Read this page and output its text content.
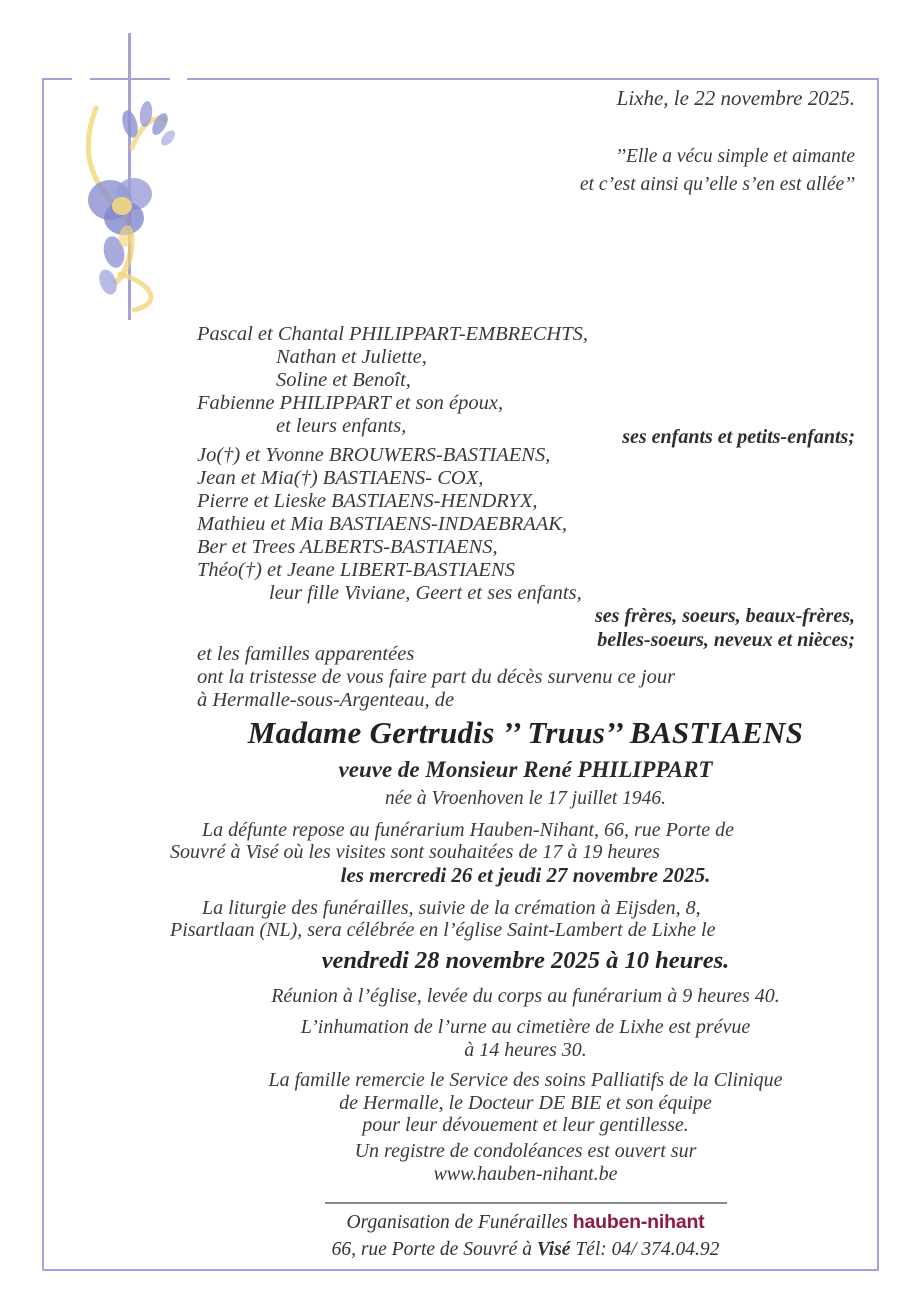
Lixhe, le 22 novembre 2025.
’’Elle a vécu simple et aimante
et c’est ainsi qu’elle s’en est allée’’
Pascal et Chantal PHILIPPART-EMBRECHTS,
Nathan et Juliette,
Soline et Benoît,
Fabienne PHILIPPART et son époux,
et leurs enfants,	ses enfants et petits-enfants;
Jo(†) et Yvonne BROUWERS-BASTIAENS,
Jean et Mia(†) BASTIAENS- COX,
Pierre et Lieske BASTIAENS-HENDRYX,
Mathieu et Mia BASTIAENS-INDAEBRAAK,
Ber et Trees ALBERTS-BASTIAENS,
Théo(†) et Jeane LIBERT-BASTIAENS
leur fille Viviane, Geert et ses enfants,
ses frères, soeurs, beaux-frères,
belles-soeurs, neveux et nièces;
et les familles apparentées
ont la tristesse de vous faire part du décès survenu ce jour
à Hermalle-sous-Argenteau, de
Madame Gertrudis ’’ Truus’’ BASTIAENS
veuve de Monsieur René PHILIPPART
née à Vroenhoven le 17 juillet 1946.
La défunte repose au funérarium Hauben-Nihant, 66, rue Porte de
Souvré à Visé où les visites sont souhaitées de 17 à 19 heures
les mercredi 26 et jeudi 27 novembre 2025.
La liturgie des funérailles, suivie de la crémation à Eijsden, 8,
Pisartlaan (NL), sera célébrée en l’église Saint-Lambert de Lixhe le
vendredi 28 novembre 2025 à 10 heures.
Réunion à l’église, levée du corps au funérarium à 9 heures 40.
L’inhumation de l’urne au cimetière de Lixhe est prévue
à 14 heures 30.
La famille remercie le Service des soins Palliatifs de la Clinique
de Hermalle, le Docteur DE BIE et son équipe
pour leur dévouement et leur gentillesse.
Un registre de condoléances est ouvert sur
www.hauben-nihant.be
Organisation de Funérailles hauben-nihant
66, rue Porte de Souvré à Visé Tél: 04/ 374.04.92
